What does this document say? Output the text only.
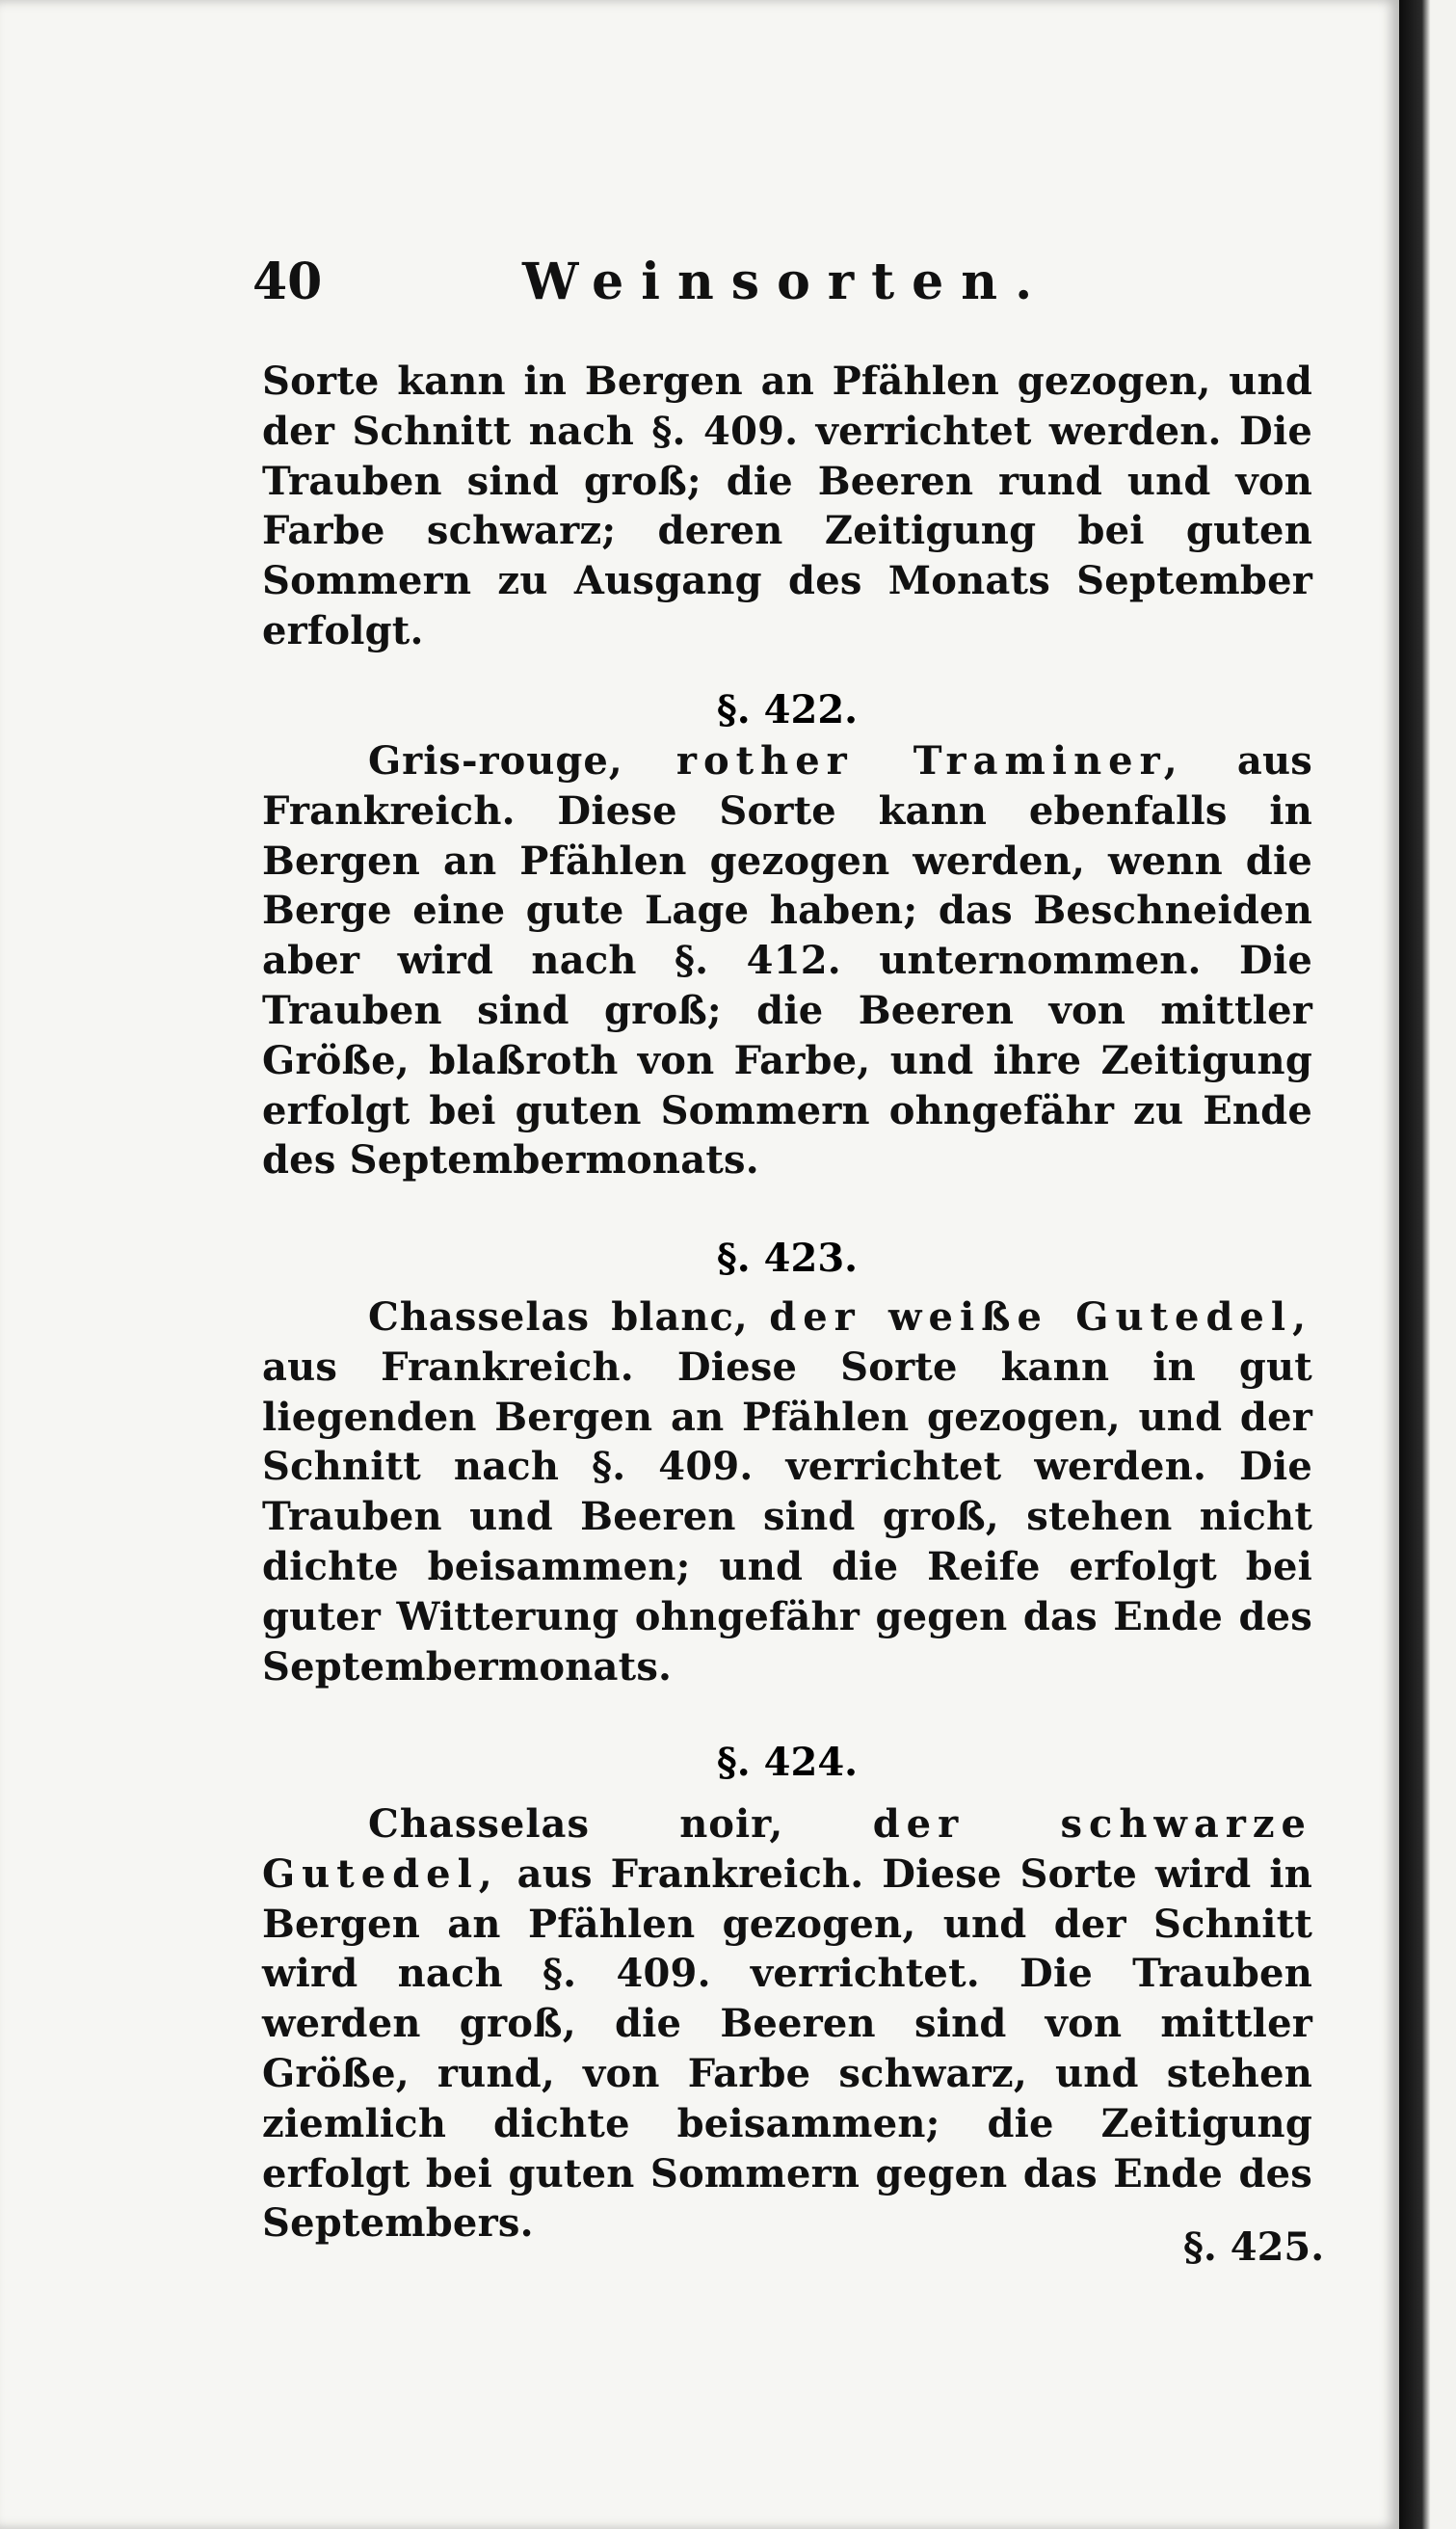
40	Weinsorten.
Sorte kann in Bergen an Pfählen gezogen, und der Schnitt nach §. 409. verrichtet werden. Die Trauben sind groß; die Beeren rund und von Farbe schwarz; deren Zeitigung bei guten Sommern zu Ausgang des Monats September erfolgt.
§. 422.
Gris-rouge, rother Traminer, aus Frankreich. Diese Sorte kann ebenfalls in Bergen an Pfählen gezogen werden, wenn die Berge eine gute Lage haben; das Beschneiden aber wird nach §. 412. unternommen. Die Trauben sind groß; die Beeren von mittler Größe, blaßroth von Farbe, und ihre Zeitigung erfolgt bei guten Sommern ohngefähr zu Ende des Septembermonats.
§. 423.
Chasselas blanc, der weiße Gutedel, aus Frankreich. Diese Sorte kann in gut liegenden Bergen an Pfählen gezogen, und der Schnitt nach §. 409. verrichtet werden. Die Trauben und Beeren sind groß, stehen nicht dichte beisammen; und die Reife erfolgt bei guter Witterung ohngefähr gegen das Ende des Septembermonats.
§. 424.
Chasselas noir, der schwarze Gutedel, aus Frankreich. Diese Sorte wird in Bergen an Pfählen gezogen, und der Schnitt wird nach §. 409. verrichtet. Die Trauben werden groß, die Beeren sind von mittler Größe, rund, von Farbe schwarz, und stehen ziemlich dichte beisammen; die Zeitigung erfolgt bei guten Sommern gegen das Ende des Septembers.
§. 425.
